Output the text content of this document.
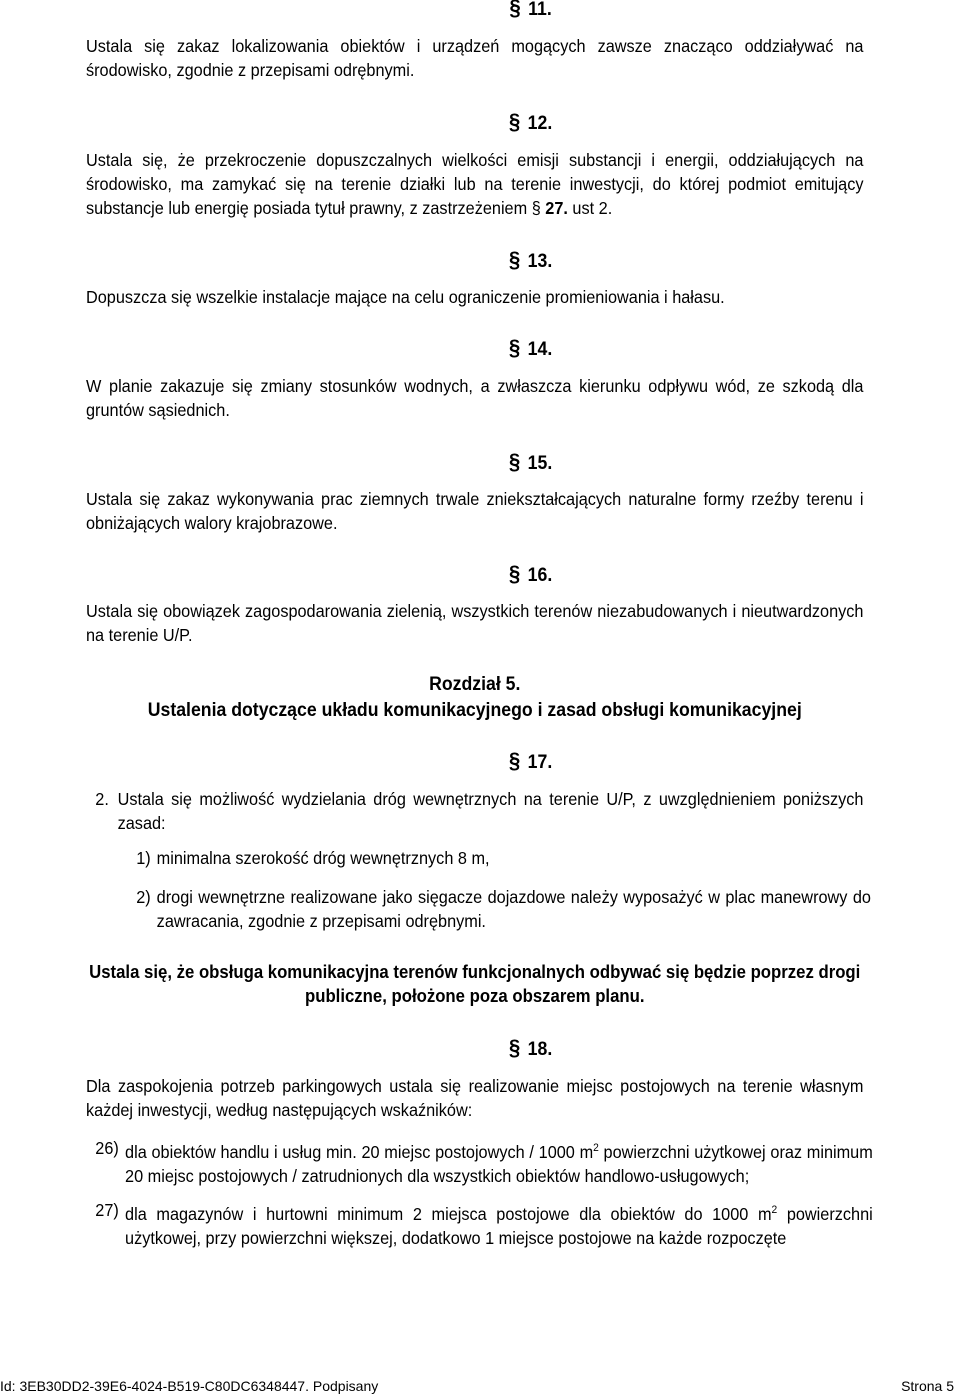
§ 11.

Ustala się zakaz lokalizowania obiektów i urządzeń mogących zawsze znacząco oddziaływać na środowisko, zgodnie z przepisami odrębnymi.

§ 12.

Ustala się, że przekroczenie dopuszczalnych wielkości emisji substancji i energii, oddziałujących na środowisko, ma zamykać się na terenie działki lub na terenie inwestycji, do której podmiot emitujący substancje lub energię posiada tytuł prawny, z zastrzeżeniem § 27. ust 2.

§ 13.

Dopuszcza się wszelkie instalacje mające na celu ograniczenie promieniowania i hałasu.

§ 14.

W planie zakazuje się zmiany stosunków wodnych, a zwłaszcza kierunku odpływu wód, ze szkodą dla gruntów sąsiednich.

§ 15.

Ustala się zakaz wykonywania prac ziemnych trwale zniekształcających naturalne formy rzeźby terenu i obniżających walory krajobrazowe.

§ 16.

Ustala się obowiązek zagospodarowania zielenią, wszystkich terenów niezabudowanych i nieutwardzonych na terenie U/P.

Rozdział 5.
Ustalenia dotyczące układu komunikacyjnego i zasad obsługi komunikacyjnej
§ 17.
2. Ustala się możliwość wydzielania dróg wewnętrznych na terenie U/P, z uwzględnieniem poniższych zasad:
1) minimalna szerokość dróg wewnętrznych 8 m,
2) drogi wewnętrzne realizowane jako sięgacze dojazdowe należy wyposażyć w plac manewrowy do zawracania, zgodnie z przepisami odrębnymi.

Ustala się, że obsługa komunikacyjna terenów funkcjonalnych odbywać się będzie poprzez drogi publiczne, położone poza obszarem planu.

§ 18.

Dla zaspokojenia potrzeb parkingowych ustala się realizowanie miejsc postojowych na terenie własnym każdej inwestycji, według następujących wskaźników:

26) dla obiektów handlu i usług min. 20 miejsc postojowych / 1000 $m^2$ powierzchni użytkowej oraz minimum 20 miejsc postojowych / zatrudnionych dla wszystkich obiektów handlowo-usługowych;
27) dla magazynów i hurtowni minimum 2 miejsca postojowe dla obiektów do 1000 $m^2$ powierzchni użytkowej, przy powierzchni większej, dodatkowo 1 miejsce postojowe na każde rozpoczęte
Id: 3EB30DD2-39E6-4024-B519-C80DC6348447. Podpisany	Strona 5
